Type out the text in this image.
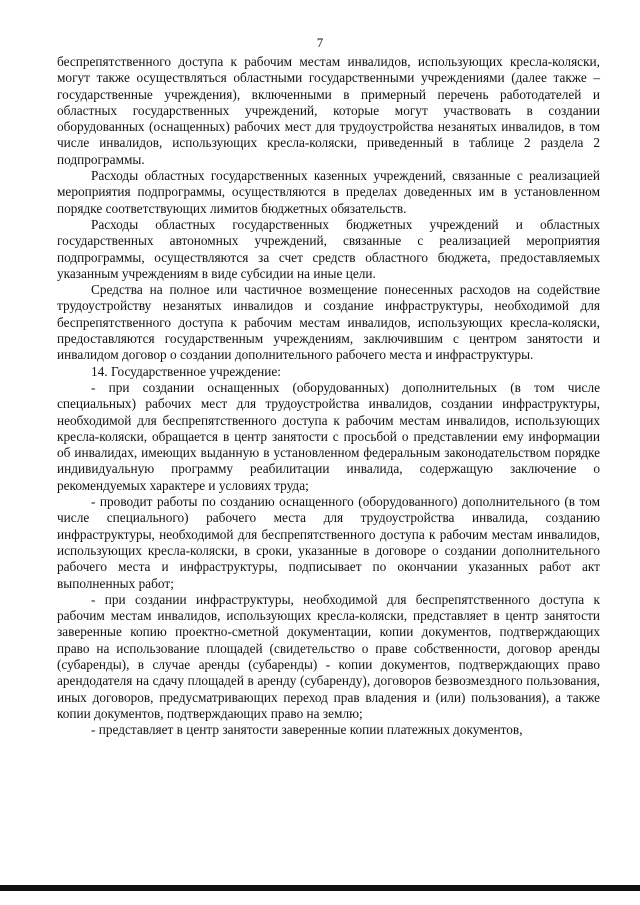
7

беспрепятственного доступа к рабочим местам инвалидов, использующих кресла-коляски, могут также осуществляться областными государственными учреждениями (далее также – государственные учреждения), включенными в примерный перечень работодателей и областных государственных учреждений, которые могут участвовать в создании оборудованных (оснащенных) рабочих мест для трудоустройства незанятых инвалидов, в том числе инвалидов, использующих кресла-коляски, приведенный в таблице 2 раздела 2 подпрограммы.

Расходы областных государственных казенных учреждений, связанные с реализацией мероприятия подпрограммы, осуществляются в пределах доведенных им в установленном порядке соответствующих лимитов бюджетных обязательств.

Расходы областных государственных бюджетных учреждений и областных государственных автономных учреждений, связанные с реализацией мероприятия подпрограммы, осуществляются за счет средств областного бюджета, предоставляемых указанным учреждениям в виде субсидии на иные цели.

Средства на полное или частичное возмещение понесенных расходов на содействие трудоустройству незанятых инвалидов и создание инфраструктуры, необходимой для беспрепятственного доступа к рабочим местам инвалидов, использующих кресла-коляски, предоставляются государственным учреждениям, заключившим с центром занятости и инвалидом договор о создании дополнительного рабочего места и инфраструктуры.

14. Государственное учреждение:

- при создании оснащенных (оборудованных) дополнительных (в том числе специальных) рабочих мест для трудоустройства инвалидов, создании инфраструктуры, необходимой для беспрепятственного доступа к рабочим местам инвалидов, использующих кресла-коляски, обращается в центр занятости с просьбой о представлении ему информации об инвалидах, имеющих выданную в установленном федеральным законодательством порядке индивидуальную программу реабилитации инвалида, содержащую заключение о рекомендуемых характере и условиях труда;

- проводит работы по созданию оснащенного (оборудованного) дополнительного (в том числе специального) рабочего места для трудоустройства инвалида, созданию инфраструктуры, необходимой для беспрепятственного доступа к рабочим местам инвалидов, использующих кресла-коляски, в сроки, указанные в договоре о создании дополнительного рабочего места и инфраструктуры, подписывает по окончании указанных работ акт выполненных работ;

- при создании инфраструктуры, необходимой для беспрепятственного доступа к рабочим местам инвалидов, использующих кресла-коляски, представляет в центр занятости заверенные копию проектно-сметной документации, копии документов, подтверждающих право на использование площадей (свидетельство о праве собственности, договор аренды (субаренды), в случае аренды (субаренды) - копии документов, подтверждающих право арендодателя на сдачу площадей в аренду (субаренду), договоров безвозмездного пользования, иных договоров, предусматривающих переход прав владения и (или) пользования), а также копии документов, подтверждающих право на землю;

- представляет в центр занятости заверенные копии платежных документов,
